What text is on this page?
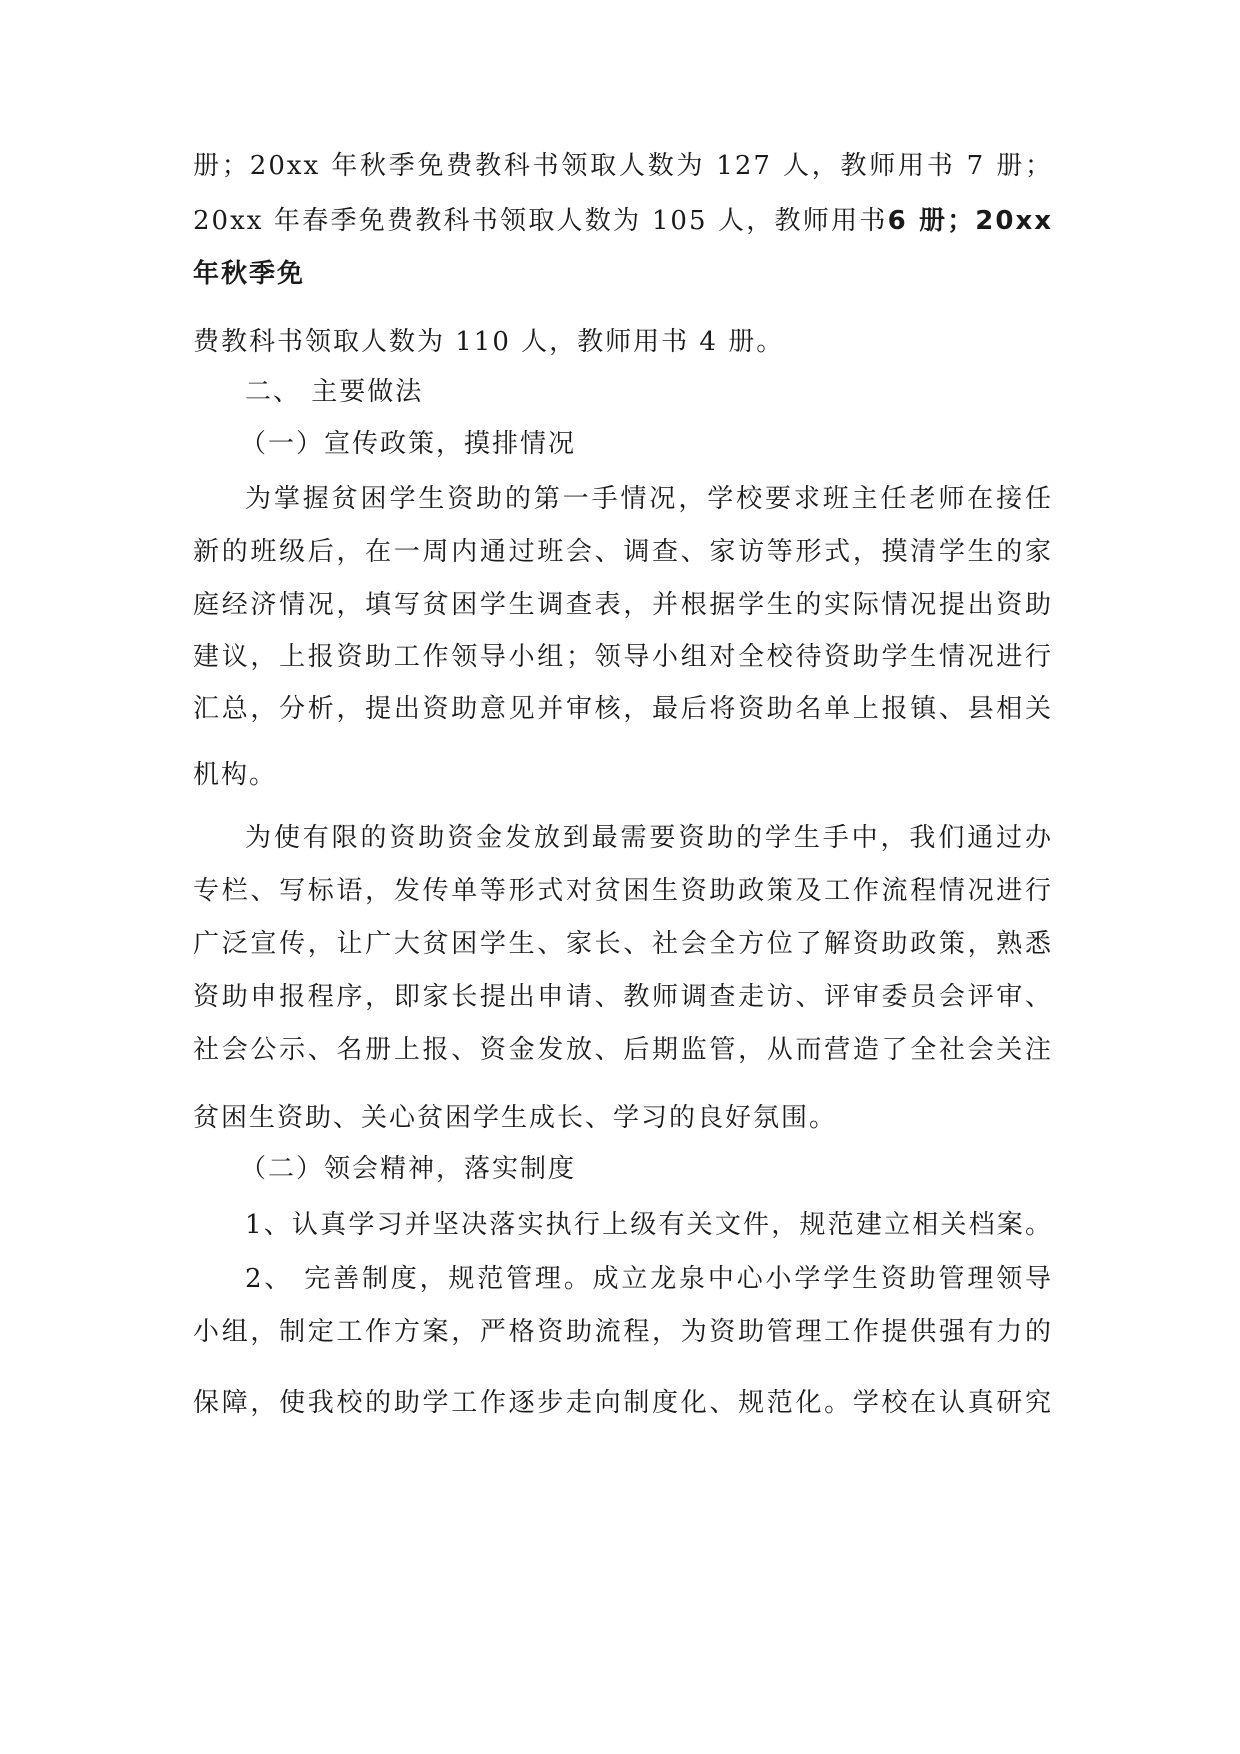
册；20xx 年秋季免费教科书领取人数为 127 人，教师用书 7 册；
20xx 年春季免费教科书领取人数为 105 人，教师用书6 册；20xx
年秋季免
费教科书领取人数为 110 人，教师用书 4 册。
二、 主要做法
（一）宣传政策，摸排情况
为掌握贫困学生资助的第一手情况，学校要求班主任老师在接任
新的班级后，在一周内通过班会、调查、家访等形式，摸清学生的家
庭经济情况，填写贫困学生调查表，并根据学生的实际情况提出资助
建议，上报资助工作领导小组；领导小组对全校待资助学生情况进行
汇总，分析，提出资助意见并审核，最后将资助名单上报镇、县相关
机构。
为使有限的资助资金发放到最需要资助的学生手中，我们通过办
专栏、写标语，发传单等形式对贫困生资助政策及工作流程情况进行
广泛宣传，让广大贫困学生、家长、社会全方位了解资助政策，熟悉
资助申报程序，即家长提出申请、教师调查走访、评审委员会评审、
社会公示、名册上报、资金发放、后期监管，从而营造了全社会关注
贫困生资助、关心贫困学生成长、学习的良好氛围。
（二）领会精神，落实制度
1、认真学习并坚决落实执行上级有关文件，规范建立相关档案。
2、 完善制度，规范管理。成立龙泉中心小学学生资助管理领导
小组，制定工作方案，严格资助流程，为资助管理工作提供强有力的
保障，使我校的助学工作逐步走向制度化、规范化。学校在认真研究
